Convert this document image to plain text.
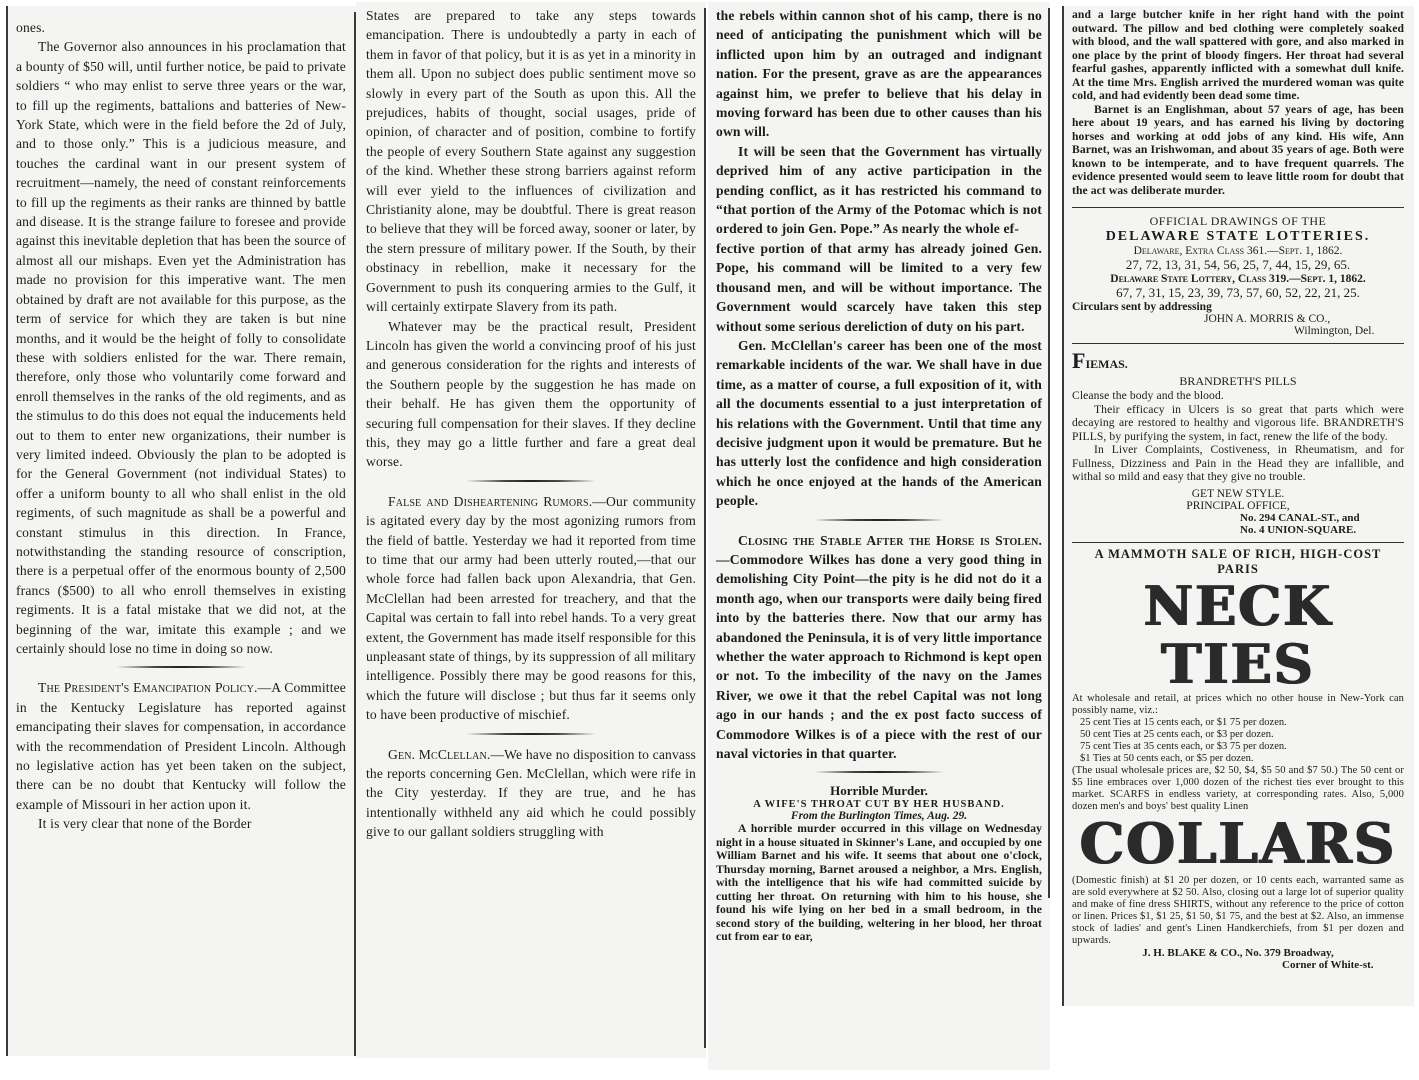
ones.

The Governor also announces in his proclamation that a bounty of $50 will, until further notice, be paid to private soldiers “ who may enlist to serve three years or the war, to fill up the regiments, battalions and batteries of New-York State, which were in the field before the 2d of July, and to those only.” This is a judicious measure, and touches the cardinal want in our present system of recruitment—namely, the need of constant reinforcements to fill up the regiments as their ranks are thinned by battle and disease. It is the strange failure to foresee and provide against this inevitable depletion that has been the source of almost all our mishaps. Even yet the Administration has made no provision for this imperative want. The men obtained by draft are not available for this purpose, as the term of service for which they are taken is but nine months, and it would be the height of folly to consolidate these with soldiers enlisted for the war. There remain, therefore, only those who voluntarily come forward and enroll themselves in the ranks of the old regiments, and as the stimulus to do this does not equal the inducements held out to them to enter new organizations, their number is very limited indeed. Obviously the plan to be adopted is for the General Government (not individual States) to offer a uniform bounty to all who shall enlist in the old regiments, of such magnitude as shall be a powerful and constant stimulus in this direction. In France, notwithstanding the standing resource of conscription, there is a perpetual offer of the enormous bounty of 2,500 francs ($500) to all who enroll themselves in existing regiments. It is a fatal mistake that we did not, at the beginning of the war, imitate this example ; and we certainly should lose no time in doing so now.

The President's Emancipation Policy.—A Committee in the Kentucky Legislature has reported against emancipating their slaves for compensation, in accordance with the recommendation of President Lincoln. Although no legislative action has yet been taken on the subject, there can be no doubt that Kentucky will follow the example of Missouri in her action upon it.

It is very clear that none of the Border

States are prepared to take any steps towards emancipation. There is undoubtedly a party in each of them in favor of that policy, but it is as yet in a minority in them all. Upon no subject does public sentiment move so slowly in every part of the South as upon this. All the prejudices, habits of thought, social usages, pride of opinion, of character and of position, combine to fortify the people of every Southern State against any suggestion of the kind. Whether these strong barriers against reform will ever yield to the influences of civilization and Christianity alone, may be doubtful. There is great reason to believe that they will be forced away, sooner or later, by the stern pressure of military power. If the South, by their obstinacy in rebellion, make it necessary for the Government to push its conquering armies to the Gulf, it will certainly extirpate Slavery from its path.

Whatever may be the practical result, President Lincoln has given the world a convincing proof of his just and generous consideration for the rights and interests of the Southern people by the suggestion he has made on their behalf. He has given them the opportunity of securing full compensation for their slaves. If they decline this, they may go a little further and fare a great deal worse.

False and Disheartening Rumors.—Our community is agitated every day by the most agonizing rumors from the field of battle. Yesterday we had it reported from time to time that our army had been utterly routed,—that our whole force had fallen back upon Alexandria, that Gen. McClellan had been arrested for treachery, and that the Capital was certain to fall into rebel hands. To a very great extent, the Government has made itself responsible for this unpleasant state of things, by its suppression of all military intelligence. Possibly there may be good reasons for this, which the future will disclose ; but thus far it seems only to have been productive of mischief.

Gen. McClellan.—We have no disposition to canvass the reports concerning Gen. McClellan, which were rife in the City yesterday. If they are true, and he has intentionally withheld any aid which he could possibly give to our gallant soldiers struggling with

the rebels within cannon shot of his camp, there is no need of anticipating the punishment which will be inflicted upon him by an outraged and indignant nation. For the present, grave as are the appearances against him, we prefer to believe that his delay in moving forward has been due to other causes than his own will.

It will be seen that the Government has virtually deprived him of any active participation in the pending conflict, as it has restricted his command to “that portion of the Army of the Potomac which is not ordered to join Gen. Pope.” As nearly the whole ef-

fective portion of that army has already joined Gen. Pope, his command will be limited to a very few thousand men, and will be without importance. The Government would scarcely have taken this step without some serious dereliction of duty on his part.

Gen. McClellan's career has been one of the most remarkable incidents of the war. We shall have in due time, as a matter of course, a full exposition of it, with all the documents essential to a just interpretation of his relations with the Government. Until that time any decisive judgment upon it would be premature. But he has utterly lost the confidence and high consideration which he once enjoyed at the hands of the American people.

Closing the Stable After the Horse is Stolen.—Commodore Wilkes has done a very good thing in demolishing City Point—the pity is he did not do it a month ago, when our transports were daily being fired into by the batteries there. Now that our army has abandoned the Peninsula, it is of very little importance whether the water approach to Richmond is kept open or not. To the imbecility of the navy on the James River, we owe it that the rebel Capital was not long ago in our hands ; and the ex post facto success of Commodore Wilkes is of a piece with the rest of our naval victories in that quarter.

Horrible Murder.
A WIFE'S THROAT CUT BY HER HUSBAND.
From the Burlington Times, Aug. 29.

A horrible murder occurred in this village on Wednesday night in a house situated in Skinner's Lane, and occupied by one William Barnet and his wife. It seems that about one o'clock, Thursday morning, Barnet aroused a neighbor, a Mrs. English, with the intelligence that his wife had committed suicide by cutting her throat. On returning with him to his house, she found his wife lying on her bed in a small bedroom, in the second story of the building, weltering in her blood, her throat cut from ear to ear,

and a large butcher knife in her right hand with the point outward. The pillow and bed clothing were completely soaked with blood, and the wall spattered with gore, and also marked in one place by the print of bloody fingers. Her throat had several fearful gashes, apparently inflicted with a somewhat dull knife. At the time Mrs. English arrived the murdered woman was quite cold, and had evidently been dead some time.

Barnet is an Englishman, about 57 years of age, has been here about 19 years, and has earned his living by doctoring horses and working at odd jobs of any kind. His wife, Ann Barnet, was an Irishwoman, and about 35 years of age. Both were known to be intemperate, and to have frequent quarrels. The evidence presented would seem to leave little room for doubt that the act was deliberate murder.

OFFICIAL DRAWINGS OF THE
DELAWARE STATE LOTTERIES.
Delaware, Extra Class 361.—Sept. 1, 1862.
27, 72, 13, 31, 54, 56, 25, 7, 44, 15, 29, 65.
Delaware State Lottery, Class 319.—Sept. 1, 1862.
67, 7, 31, 15, 23, 39, 73, 57, 60, 52, 22, 21, 25.
Circulars sent by addressing
JOHN A. MORRIS & CO.,
Wilmington, Del.
FIEMAS.
BRANDRETH'S PILLS

Cleanse the body and the blood.

Their efficacy in Ulcers is so great that parts which were decaying are restored to healthy and vigorous life. BRANDRETH'S PILLS, by purifying the system, in fact, renew the life of the body.

In Liver Complaints, Costiveness, in Rheumatism, and for Fullness, Dizziness and Pain in the Head they are infallible, and withal so mild and easy that they give no trouble.

GET NEW STYLE.
PRINCIPAL OFFICE,
No. 294 CANAL-ST., and
No. 4 UNION-SQUARE.
A MAMMOTH SALE OF RICH, HIGH-COST PARIS
NECK TIES

At wholesale and retail, at prices which no other house in New-York can possibly name, viz.:

25 cent Ties at 15 cents each, or $1 75 per dozen.
50 cent Ties at 25 cents each, or $3 per dozen.
75 cent Ties at 35 cents each, or $3 75 per dozen.
$1 Ties at 50 cents each, or $5 per dozen.

(The usual wholesale prices are, $2 50, $4, $5 50 and $7 50.) The 50 cent or $5 line embraces over 1,000 dozen of the richest ties ever brought to this market. SCARFS in endless variety, at corresponding rates. Also, 5,000 dozen men's and boys' best quality Linen

COLLARS

(Domestic finish) at $1 20 per dozen, or 10 cents each, warranted same as are sold everywhere at $2 50. Also, closing out a large lot of superior quality and make of fine dress SHIRTS, without any reference to the price of cotton or linen. Prices $1, $1 25, $1 50, $1 75, and the best at $2. Also, an immense stock of ladies' and gent's Linen Handkerchiefs, from $1 per dozen and upwards.

J. H. BLAKE & CO., No. 379 Broadway,
Corner of White-st.
